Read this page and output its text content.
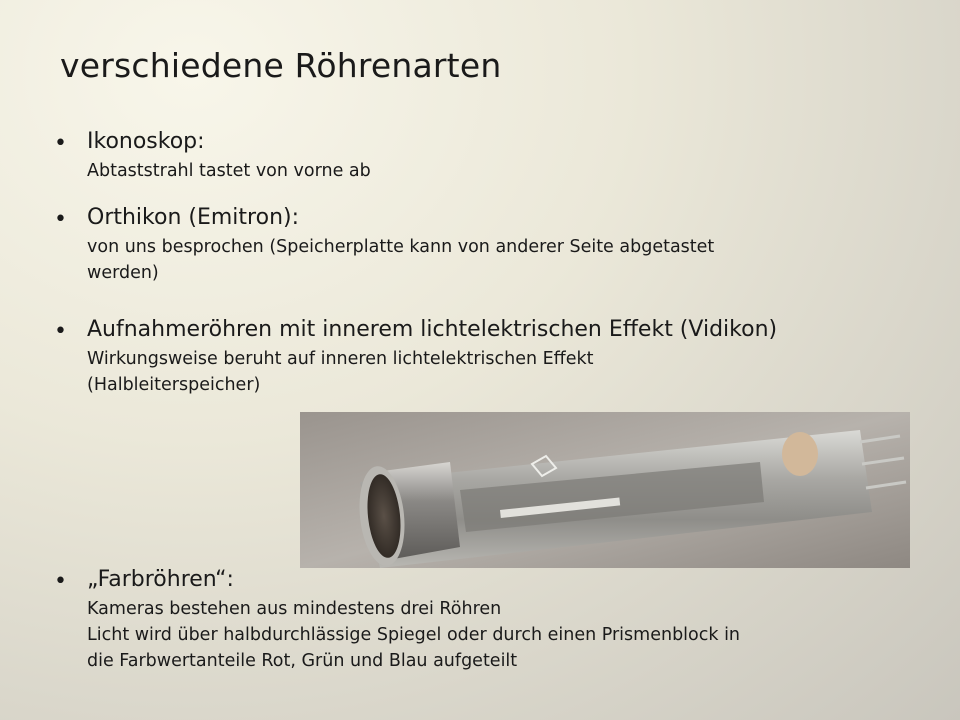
verschiedene Röhrenarten
• Ikonoskop:
Abtaststrahl tastet von vorne ab
• Orthikon (Emitron):
von uns besprochen (Speicherplatte kann von anderer Seite abgetastet
werden)
• Aufnahmeröhren mit innerem lichtelektrischen Effekt (Vidikon)
Wirkungsweise beruht auf inneren lichtelektrischen Effekt
(Halbleiterspeicher)
• „Farbröhren“:
Kameras bestehen aus mindestens drei Röhren
Licht wird über halbdurchlässige Spiegel oder durch einen Prismenblock in
die Farbwertanteile Rot, Grün und Blau aufgeteilt
